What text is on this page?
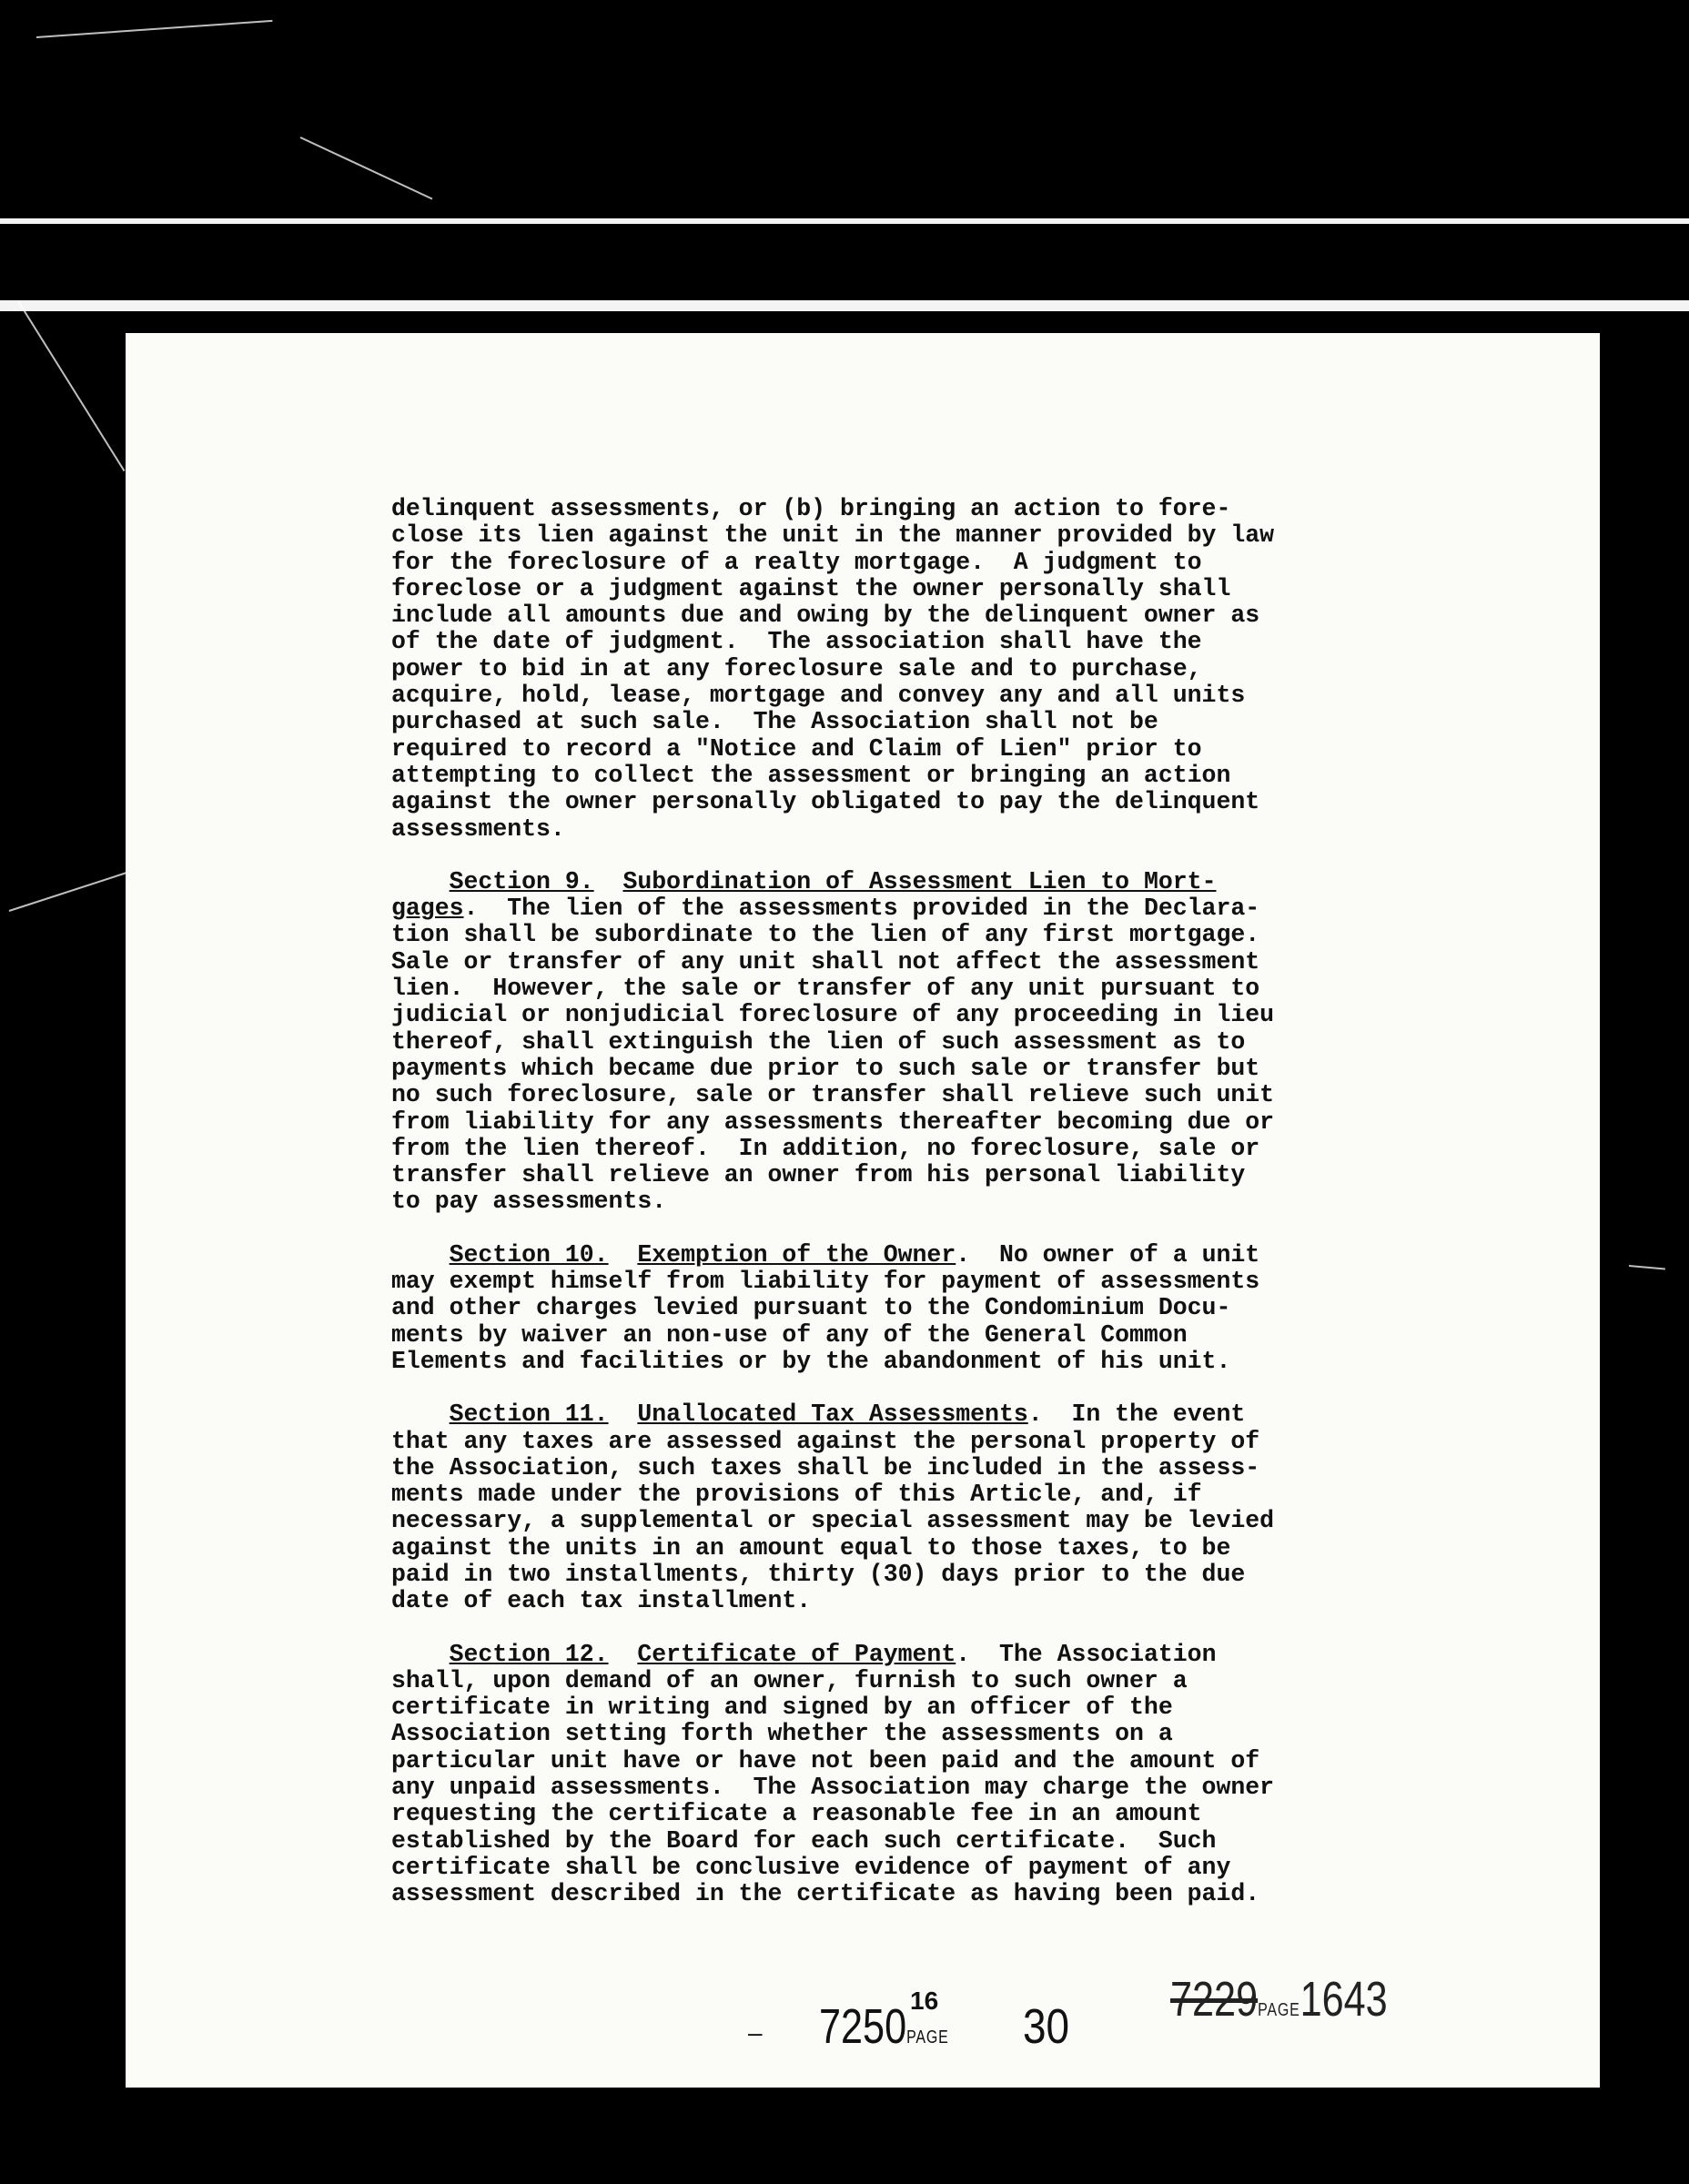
delinquent assessments, or (b) bringing an action to fore-
close its lien against the unit in the manner provided by law
for the foreclosure of a realty mortgage.  A judgment to
foreclose or a judgment against the owner personally shall
include all amounts due and owing by the delinquent owner as
of the date of judgment.  The association shall have the
power to bid in at any foreclosure sale and to purchase,
acquire, hold, lease, mortgage and convey any and all units
purchased at such sale.  The Association shall not be
required to record a "Notice and Claim of Lien" prior to
attempting to collect the assessment or bringing an action
against the owner personally obligated to pay the delinquent
assessments.
Section 9. Subordination of Assessment Lien to Mort-
gages.  The lien of the assessments provided in the Declara-
tion shall be subordinate to the lien of any first mortgage.
Sale or transfer of any unit shall not affect the assessment
lien.  However, the sale or transfer of any unit pursuant to
judicial or nonjudicial foreclosure of any proceeding in lieu
thereof, shall extinguish the lien of such assessment as to
payments which became due prior to such sale or transfer but
no such foreclosure, sale or transfer shall relieve such unit
from liability for any assessments thereafter becoming due or
from the lien thereof.  In addition, no foreclosure, sale or
transfer shall relieve an owner from his personal liability
to pay assessments.
Section 10. Exemption of the Owner.  No owner of a unit
may exempt himself from liability for payment of assessments
and other charges levied pursuant to the Condominium Docu-
ments by waiver an non-use of any of the General Common
Elements and facilities or by the abandonment of his unit.
Section 11. Unallocated Tax Assessments.  In the event
that any taxes are assessed against the personal property of
the Association, such taxes shall be included in the assess-
ments made under the provisions of this Article, and, if
necessary, a supplemental or special assessment may be levied
against the units in an amount equal to those taxes, to be
paid in two installments, thirty (30) days prior to the due
date of each tax installment.
Section 12. Certificate of Payment.  The Association
shall, upon demand of an owner, furnish to such owner a
certificate in writing and signed by an officer of the
Association setting forth whether the assessments on a
particular unit have or have not been paid and the amount of
any unpaid assessments.  The Association may charge the owner
requesting the certificate a reasonable fee in an amount
established by the Board for each such certificate.  Such
certificate shall be conclusive evidence of payment of any
assessment described in the certificate as having been paid.
16
– 7250PAGE 30 7229PAGE1643
